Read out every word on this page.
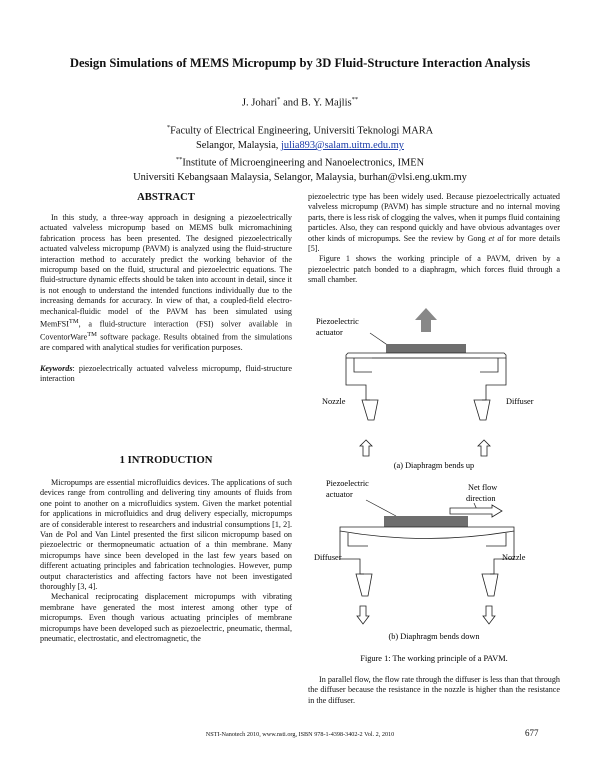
Design Simulations of MEMS Micropump by 3D Fluid-Structure Interaction Analysis
J. Johari* and B. Y. Majlis**
*Faculty of Electrical Engineering, Universiti Teknologi MARA
Selangor, Malaysia, julia893@salam.uitm.edu.my
**Institute of Microengineering and Nanoelectronics, IMEN
Universiti Kebangsaan Malaysia, Selangor, Malaysia, burhan@vlsi.eng.ukm.my
ABSTRACT

In this study, a three-way approach in designing a piezoelectrically actuated valveless micropump based on MEMS bulk micromachining fabrication process has been presented. The designed piezoelectrically actuated valveless micropump (PAVM) is analyzed using the fluid-structure interaction method to accurately predict the working behavior of the micropump based on the fluid, structural and piezoelectric equations. The fluid-structure dynamic effects should be taken into account in detail, since it is not enough to understand the intended functions individually due to the increasing demands for accuracy. In view of that, a coupled-field electro-mechanical-fluidic model of the PAVM has been simulated using MemFSI™, a fluid-structure interaction (FSI) solver available in CoventorWare™ software package. Results obtained from the simulations are compared with analytical studies for verification purposes.

Keywords: piezoelectrically actuated valveless micropump, fluid-structure interaction

1 INTRODUCTION

Micropumps are essential microfluidics devices. The applications of such devices range from controlling and delivering tiny amounts of fluids from one point to another on a microfluidics system. Given the market potential for applications in microfluidics and drug delivery especially, micropumps are of considerable interest to researchers and industrial consumptions [1, 2]. Van de Pol and Van Lintel presented the first silicon micropump based on piezoelectric or thermopneumatic actuation of a thin membrane. Many micropumps have since been developed in the last few years based on different actuating principles and fabrication technologies. However, pump output characteristics and affecting factors have not been investigated thoroughly [3, 4].

Mechanical reciprocating displacement micropumps with vibrating membrane have generated the most interest among other type of micropumps. Even though various actuating principles of membrane micropumps have been developed such as piezoelectric, pneumatic, thermal, pneumatic, electrostatic, and electromagnetic, the

piezoelectric type has been widely used. Because piezoelectrically actuated valveless micropump (PAVM) has simple structure and no internal moving parts, there is less risk of clogging the valves, when it pumps fluid containing particles. Also, they can respond quickly and have obvious advantages over other kinds of micropumps. See the review by Gong et al for more details [5].

Figure 1 shows the working principle of a PAVM, driven by a piezoelectric patch bonded to a diaphragm, which forces fluid through a small chamber.

Piezoelectric
actuator
Nozzle	Diffuser
(a) Diaphragm bends up
Piezoelectric
actuator
Net flow
direction
Diffuser	Nozzle
(b) Diaphragm bends down
Figure 1: The working principle of a PAVM.

In parallel flow, the flow rate through the diffuser is less than that through the diffuser because the resistance in the nozzle is higher than the resistance in the diffuser.

NSTI-Nanotech 2010, www.nsti.org, ISBN 978-1-4398-3402-2 Vol. 2, 2010	677
